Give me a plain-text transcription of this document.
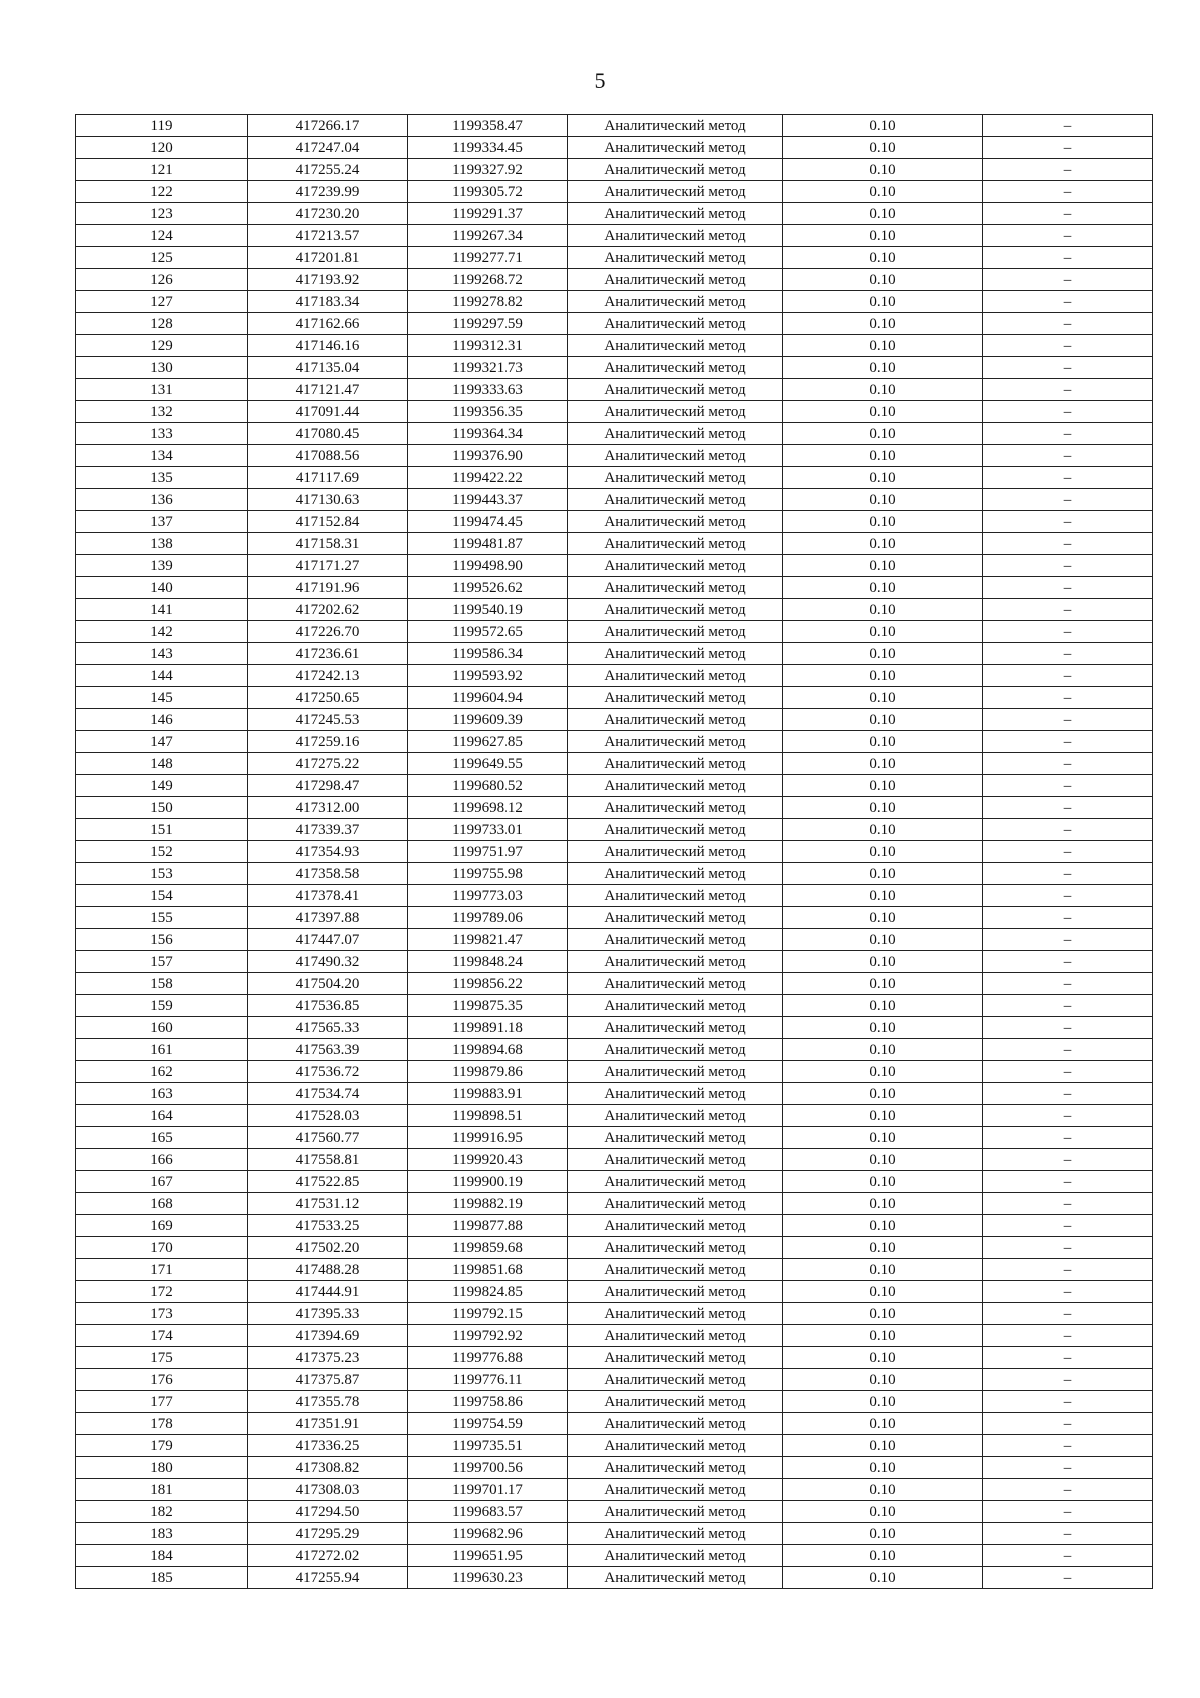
5
119	417266.17	1199358.47	Аналитический метод	0.10	–
120	417247.04	1199334.45	Аналитический метод	0.10	–
121	417255.24	1199327.92	Аналитический метод	0.10	–
122	417239.99	1199305.72	Аналитический метод	0.10	–
123	417230.20	1199291.37	Аналитический метод	0.10	–
124	417213.57	1199267.34	Аналитический метод	0.10	–
125	417201.81	1199277.71	Аналитический метод	0.10	–
126	417193.92	1199268.72	Аналитический метод	0.10	–
127	417183.34	1199278.82	Аналитический метод	0.10	–
128	417162.66	1199297.59	Аналитический метод	0.10	–
129	417146.16	1199312.31	Аналитический метод	0.10	–
130	417135.04	1199321.73	Аналитический метод	0.10	–
131	417121.47	1199333.63	Аналитический метод	0.10	–
132	417091.44	1199356.35	Аналитический метод	0.10	–
133	417080.45	1199364.34	Аналитический метод	0.10	–
134	417088.56	1199376.90	Аналитический метод	0.10	–
135	417117.69	1199422.22	Аналитический метод	0.10	–
136	417130.63	1199443.37	Аналитический метод	0.10	–
137	417152.84	1199474.45	Аналитический метод	0.10	–
138	417158.31	1199481.87	Аналитический метод	0.10	–
139	417171.27	1199498.90	Аналитический метод	0.10	–
140	417191.96	1199526.62	Аналитический метод	0.10	–
141	417202.62	1199540.19	Аналитический метод	0.10	–
142	417226.70	1199572.65	Аналитический метод	0.10	–
143	417236.61	1199586.34	Аналитический метод	0.10	–
144	417242.13	1199593.92	Аналитический метод	0.10	–
145	417250.65	1199604.94	Аналитический метод	0.10	–
146	417245.53	1199609.39	Аналитический метод	0.10	–
147	417259.16	1199627.85	Аналитический метод	0.10	–
148	417275.22	1199649.55	Аналитический метод	0.10	–
149	417298.47	1199680.52	Аналитический метод	0.10	–
150	417312.00	1199698.12	Аналитический метод	0.10	–
151	417339.37	1199733.01	Аналитический метод	0.10	–
152	417354.93	1199751.97	Аналитический метод	0.10	–
153	417358.58	1199755.98	Аналитический метод	0.10	–
154	417378.41	1199773.03	Аналитический метод	0.10	–
155	417397.88	1199789.06	Аналитический метод	0.10	–
156	417447.07	1199821.47	Аналитический метод	0.10	–
157	417490.32	1199848.24	Аналитический метод	0.10	–
158	417504.20	1199856.22	Аналитический метод	0.10	–
159	417536.85	1199875.35	Аналитический метод	0.10	–
160	417565.33	1199891.18	Аналитический метод	0.10	–
161	417563.39	1199894.68	Аналитический метод	0.10	–
162	417536.72	1199879.86	Аналитический метод	0.10	–
163	417534.74	1199883.91	Аналитический метод	0.10	–
164	417528.03	1199898.51	Аналитический метод	0.10	–
165	417560.77	1199916.95	Аналитический метод	0.10	–
166	417558.81	1199920.43	Аналитический метод	0.10	–
167	417522.85	1199900.19	Аналитический метод	0.10	–
168	417531.12	1199882.19	Аналитический метод	0.10	–
169	417533.25	1199877.88	Аналитический метод	0.10	–
170	417502.20	1199859.68	Аналитический метод	0.10	–
171	417488.28	1199851.68	Аналитический метод	0.10	–
172	417444.91	1199824.85	Аналитический метод	0.10	–
173	417395.33	1199792.15	Аналитический метод	0.10	–
174	417394.69	1199792.92	Аналитический метод	0.10	–
175	417375.23	1199776.88	Аналитический метод	0.10	–
176	417375.87	1199776.11	Аналитический метод	0.10	–
177	417355.78	1199758.86	Аналитический метод	0.10	–
178	417351.91	1199754.59	Аналитический метод	0.10	–
179	417336.25	1199735.51	Аналитический метод	0.10	–
180	417308.82	1199700.56	Аналитический метод	0.10	–
181	417308.03	1199701.17	Аналитический метод	0.10	–
182	417294.50	1199683.57	Аналитический метод	0.10	–
183	417295.29	1199682.96	Аналитический метод	0.10	–
184	417272.02	1199651.95	Аналитический метод	0.10	–
185	417255.94	1199630.23	Аналитический метод	0.10	–
